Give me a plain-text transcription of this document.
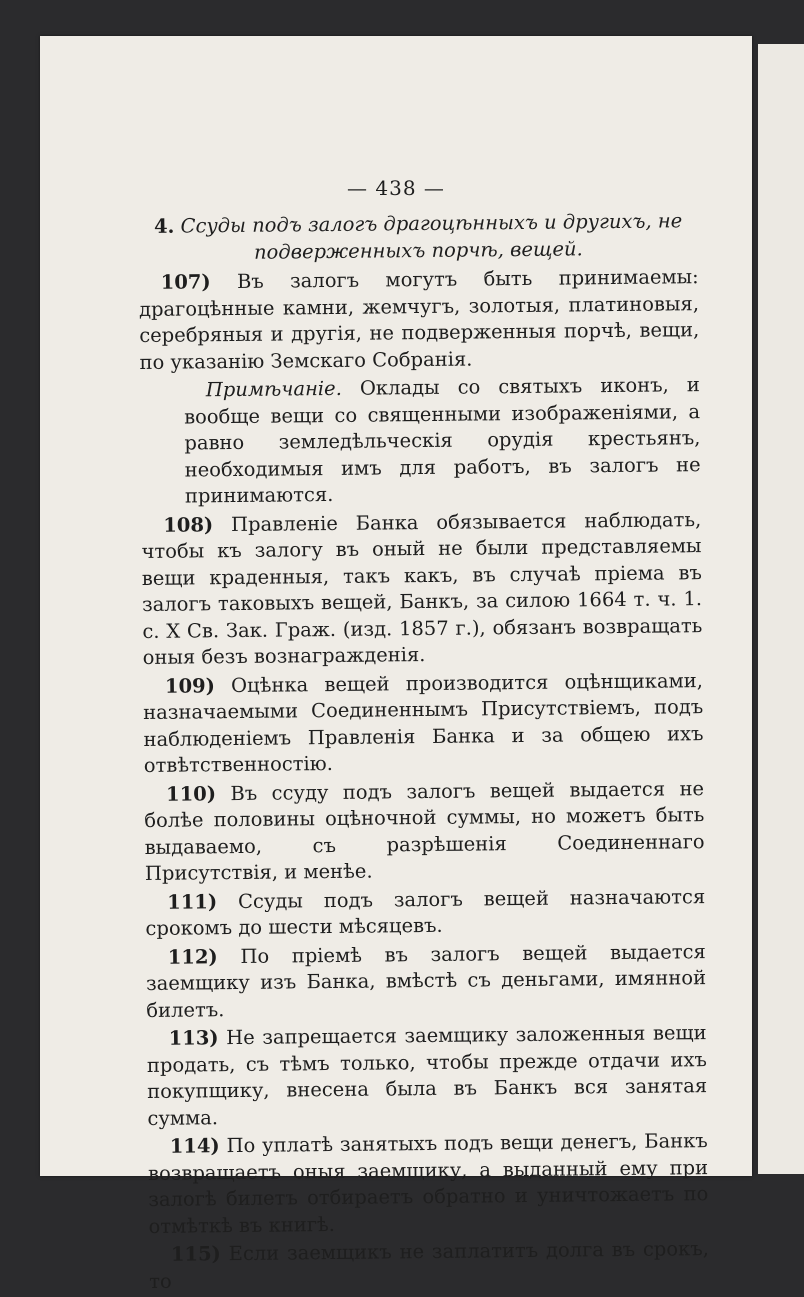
— 438 —

4. Ссуды подъ залогъ драгоцѣнныхъ и другихъ, не подверженныхъ порчѣ, вещей.

107) Въ залогъ могутъ быть принимаемы: драгоцѣнные камни, жемчугъ, золотыя, платиновыя, серебряныя и другія, не подверженныя порчѣ, вещи, по указанію Земскаго Собранія.

Примѣчаніе. Оклады со святыхъ иконъ, и вообще вещи со священными изображеніями, а равно земледѣльческія орудія крестьянъ, необходимыя имъ для работъ, въ залогъ не принимаются.

108) Правленіе Банка обязывается наблюдать, чтобы къ залогу въ оный не были представляемы вещи краденныя, такъ какъ, въ случаѣ пріема въ залогъ таковыхъ вещей, Банкъ, за силою 1664 т. ч. 1. с. X Св. Зак. Граж. (изд. 1857 г.), обязанъ возвращать оныя безъ вознагражденія.

109) Оцѣнка вещей производится оцѣнщиками, назначаемыми Соединеннымъ Присутствіемъ, подъ наблюденіемъ Правленія Банка и за общею ихъ отвѣтственностію.

110) Въ ссуду подъ залогъ вещей выдается не болѣе половины оцѣночной суммы, но можетъ быть выдаваемо, съ разрѣшенія Соединеннаго Присутствія, и менѣе.

111) Ссуды подъ залогъ вещей назначаются срокомъ до шести мѣсяцевъ.

112) По пріемѣ въ залогъ вещей выдается заемщику изъ Банка, вмѣстѣ съ деньгами, имянной билетъ.

113) Не запрещается заемщику заложенныя вещи продать, съ тѣмъ только, чтобы прежде отдачи ихъ покупщику, внесена была въ Банкъ вся занятая сумма.

114) По уплатѣ занятыхъ подъ вещи денегъ, Банкъ возвращаетъ оныя заемщику, а выданный ему при залогѣ билетъ отбираетъ обратно и уничтожаетъ по отмѣткѣ въ книгѣ.

115) Если заемщикъ не заплатитъ долга въ срокъ, то
